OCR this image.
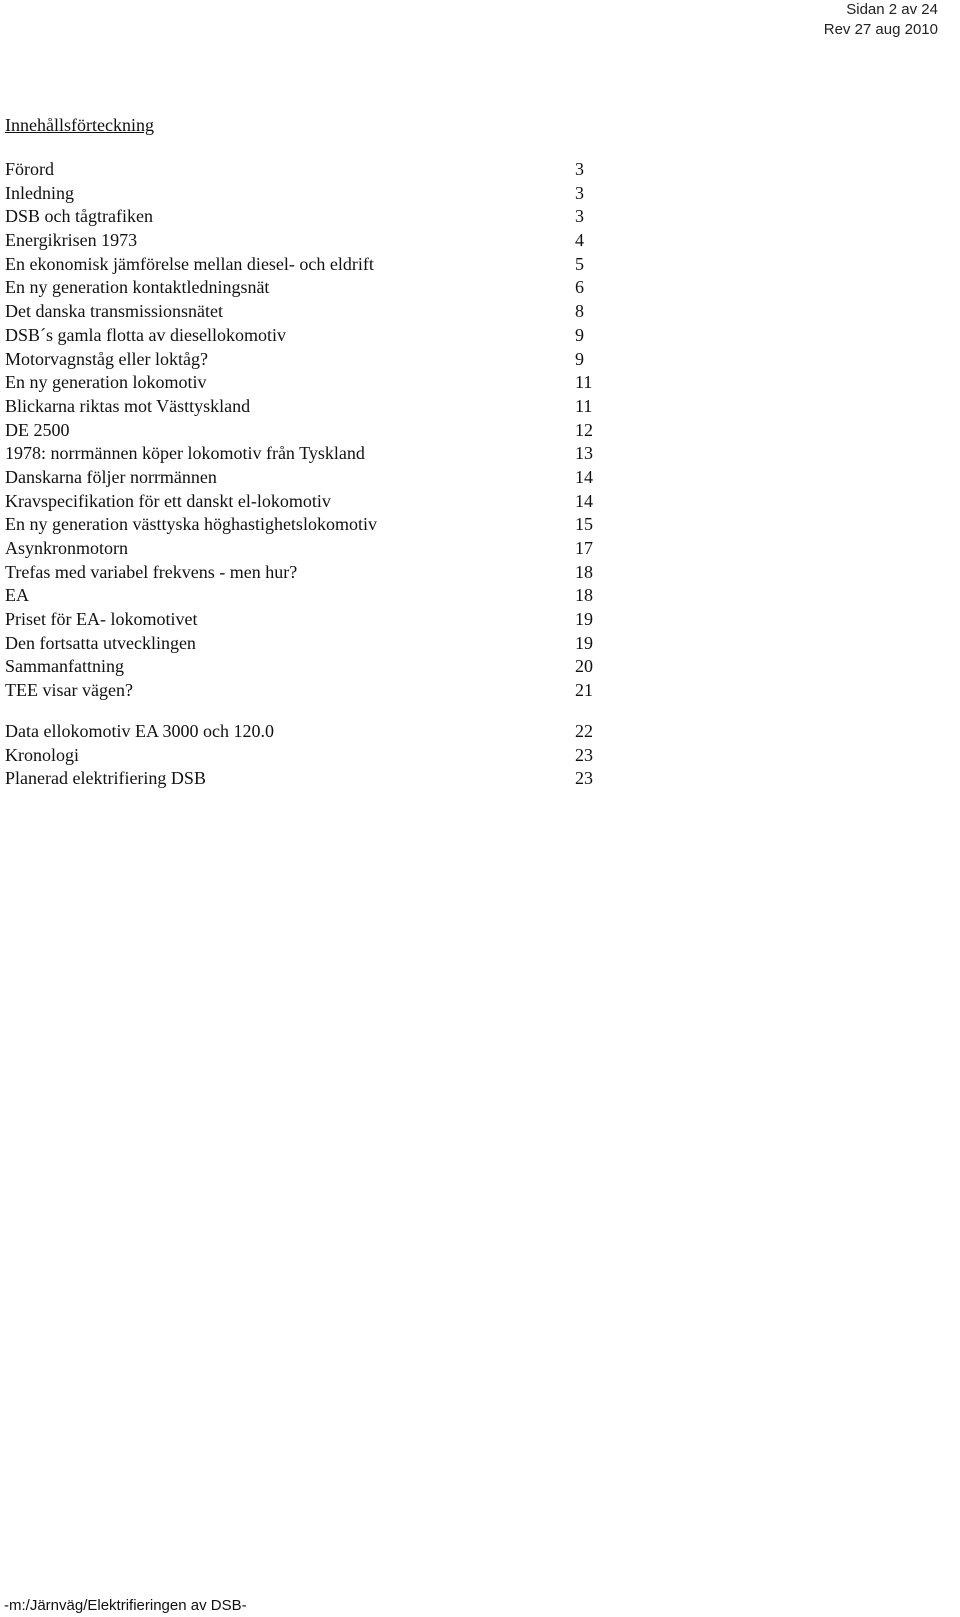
Sidan 2 av 24
Rev 27 aug 2010
Innehållsförteckning
Förord	3
Inledning	3
DSB och tågtrafiken	3
Energikrisen 1973	4
En ekonomisk jämförelse mellan diesel- och eldrift	5
En ny generation kontaktledningsnät	6
Det danska transmissionsnätet	8
DSB´s gamla flotta av diesellokomotiv	9
Motorvagnståg eller loktåg?	9
En ny generation lokomotiv	11
Blickarna riktas mot Västtyskland	11
DE 2500	12
1978: norrmännen köper lokomotiv från Tyskland	13
Danskarna följer norrmännen	14
Kravspecifikation för ett danskt el-lokomotiv	14
En ny generation västtyska höghastighetslokomotiv	15
Asynkronmotorn	17
Trefas med variabel frekvens - men hur?	18
EA	18
Priset för EA- lokomotivet	19
Den fortsatta utvecklingen	19
Sammanfattning	20
TEE visar vägen?	21
Data ellokomotiv EA 3000 och 120.0	22
Kronologi	23
Planerad elektrifiering DSB	23
-m:/Järnväg/Elektrifieringen av DSB-
